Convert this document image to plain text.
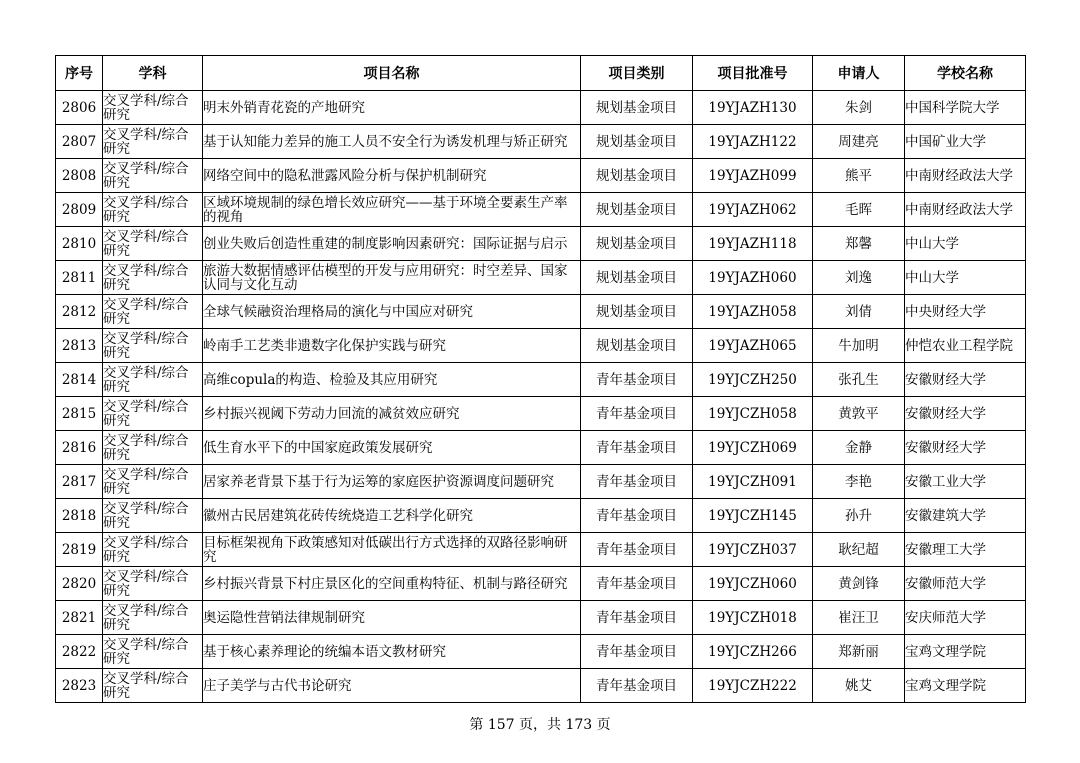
序号	学科	项目名称	项目类别	项目批准号	申请人	学校名称
2806	交叉学科/综合研究	明末外销青花瓷的产地研究	规划基金项目	19YJAZH130	朱剑	中国科学院大学
2807	交叉学科/综合研究	基于认知能力差异的施工人员不安全行为诱发机理与矫正研究	规划基金项目	19YJAZH122	周建亮	中国矿业大学
2808	交叉学科/综合研究	网络空间中的隐私泄露风险分析与保护机制研究	规划基金项目	19YJAZH099	熊平	中南财经政法大学
2809	交叉学科/综合研究	区域环境规制的绿色增长效应研究——基于环境全要素生产率的视角	规划基金项目	19YJAZH062	毛晖	中南财经政法大学
2810	交叉学科/综合研究	创业失败后创造性重建的制度影响因素研究：国际证据与启示	规划基金项目	19YJAZH118	郑馨	中山大学
2811	交叉学科/综合研究	旅游大数据情感评估模型的开发与应用研究：时空差异、国家认同与文化互动	规划基金项目	19YJAZH060	刘逸	中山大学
2812	交叉学科/综合研究	全球气候融资治理格局的演化与中国应对研究	规划基金项目	19YJAZH058	刘倩	中央财经大学
2813	交叉学科/综合研究	岭南手工艺类非遗数字化保护实践与研究	规划基金项目	19YJAZH065	牛加明	仲恺农业工程学院
2814	交叉学科/综合研究	高维copula的构造、检验及其应用研究	青年基金项目	19YJCZH250	张孔生	安徽财经大学
2815	交叉学科/综合研究	乡村振兴视阈下劳动力回流的减贫效应研究	青年基金项目	19YJCZH058	黄敦平	安徽财经大学
2816	交叉学科/综合研究	低生育水平下的中国家庭政策发展研究	青年基金项目	19YJCZH069	金静	安徽财经大学
2817	交叉学科/综合研究	居家养老背景下基于行为运筹的家庭医护资源调度问题研究	青年基金项目	19YJCZH091	李艳	安徽工业大学
2818	交叉学科/综合研究	徽州古民居建筑花砖传统烧造工艺科学化研究	青年基金项目	19YJCZH145	孙升	安徽建筑大学
2819	交叉学科/综合研究	目标框架视角下政策感知对低碳出行方式选择的双路径影响研究	青年基金项目	19YJCZH037	耿纪超	安徽理工大学
2820	交叉学科/综合研究	乡村振兴背景下村庄景区化的空间重构特征、机制与路径研究	青年基金项目	19YJCZH060	黄剑锋	安徽师范大学
2821	交叉学科/综合研究	奥运隐性营销法律规制研究	青年基金项目	19YJCZH018	崔汪卫	安庆师范大学
2822	交叉学科/综合研究	基于核心素养理论的统编本语文教材研究	青年基金项目	19YJCZH266	郑新丽	宝鸡文理学院
2823	交叉学科/综合研究	庄子美学与古代书论研究	青年基金项目	19YJCZH222	姚艾	宝鸡文理学院
第 157 页，共 173 页
